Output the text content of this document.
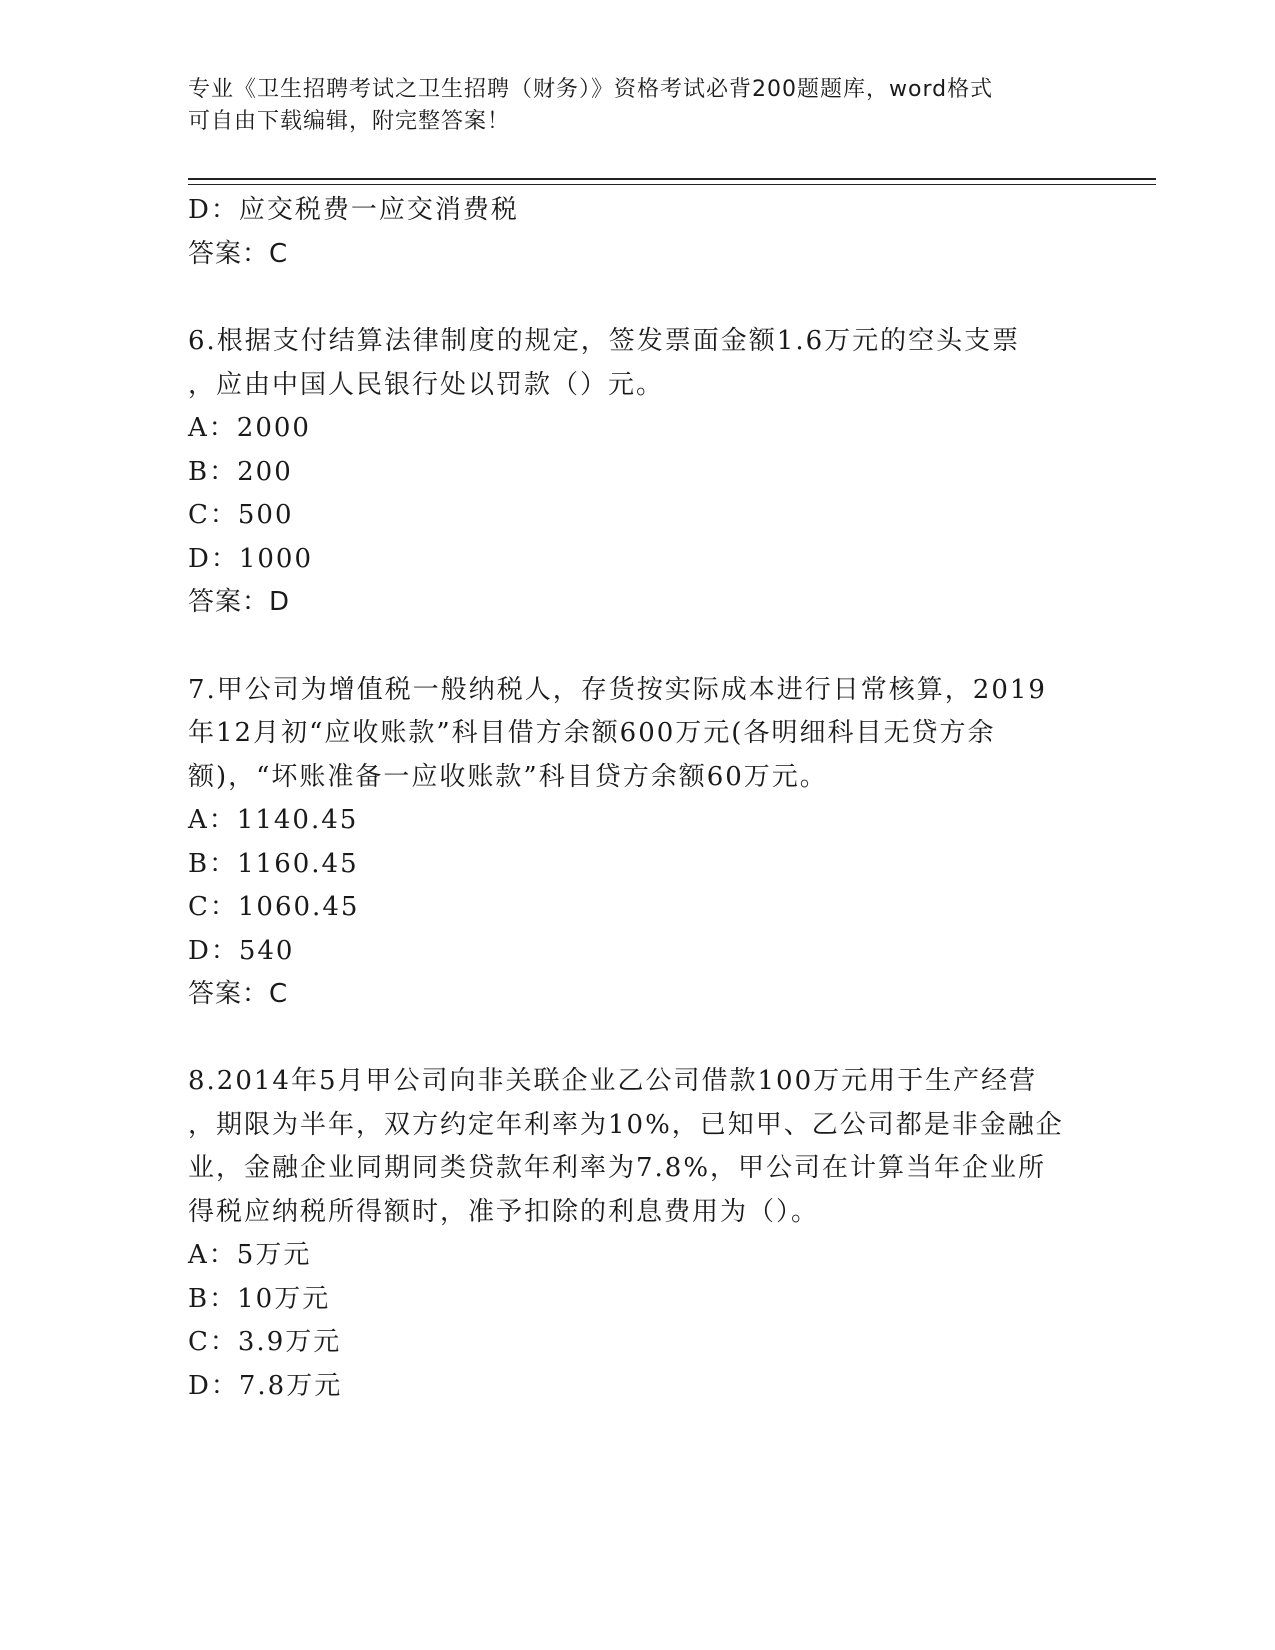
专业《卫生招聘考试之卫生招聘（财务）》资格考试必背200题题库，word格式
可自由下载编辑，附完整答案！
D：应交税费一应交消费税
答案：C
6.根据支付结算法律制度的规定，签发票面金额1.6万元的空头支票
，应由中国人民银行处以罚款（）元。
A：2000
B：200
C：500
D：1000
答案：D
7.甲公司为增值税一般纳税人，存货按实际成本进行日常核算，2019
年12月初“应收账款”科目借方余额600万元(各明细科目无贷方余
额)，“坏账准备一应收账款”科目贷方余额60万元。
A：1140.45
B：1160.45
C：1060.45
D：540
答案：C
8.2014年5月甲公司向非关联企业乙公司借款100万元用于生产经营
，期限为半年，双方约定年利率为10%，已知甲、乙公司都是非金融企
业，金融企业同期同类贷款年利率为7.8%，甲公司在计算当年企业所
得税应纳税所得额时，准予扣除的利息费用为（）。
A：5万元
B：10万元
C：3.9万元
D：7.8万元
